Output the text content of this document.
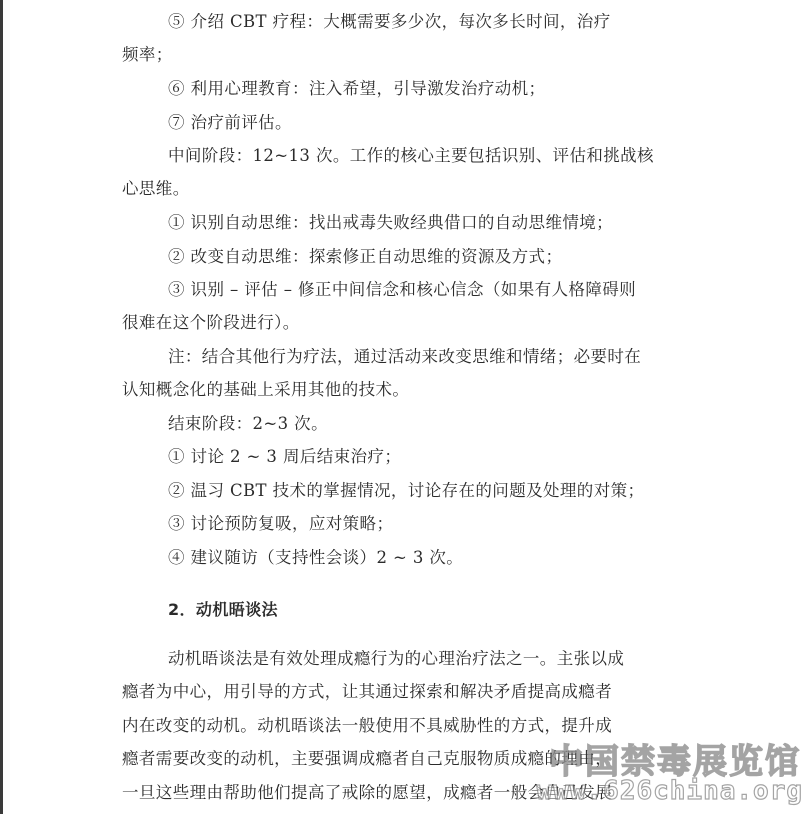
⑤ 介绍 CBT 疗程：大概需要多少次，每次多长时间，治疗
频率；
⑥ 利用心理教育：注入希望，引导激发治疗动机；
⑦ 治疗前评估。
中间阶段：12~13 次。工作的核心主要包括识别、评估和挑战核
心思维。
① 识别自动思维：找出戒毒失败经典借口的自动思维情境；
② 改变自动思维：探索修正自动思维的资源及方式；
③ 识别 – 评估 – 修正中间信念和核心信念（如果有人格障碍则
很难在这个阶段进行）。
注：结合其他行为疗法，通过活动来改变思维和情绪；必要时在
认知概念化的基础上采用其他的技术。
结束阶段：2~3 次。
① 讨论 2 ~ 3 周后结束治疗；
② 温习 CBT 技术的掌握情况，讨论存在的问题及处理的对策；
③ 讨论预防复吸，应对策略；
④ 建议随访（支持性会谈）2 ~ 3 次。
2．动机晤谈法
动机晤谈法是有效处理成瘾行为的心理治疗法之一。主张以成
瘾者为中心，用引导的方式，让其通过探索和解决矛盾提高成瘾者
内在改变的动机。动机晤谈法一般使用不具威胁性的方式，提升成
瘾者需要改变的动机，主要强调成瘾者自己克服物质成瘾的理由，
一旦这些理由帮助他们提高了戒除的愿望，成瘾者一般会自己发展
中国禁毒展览馆
www.626china.org
